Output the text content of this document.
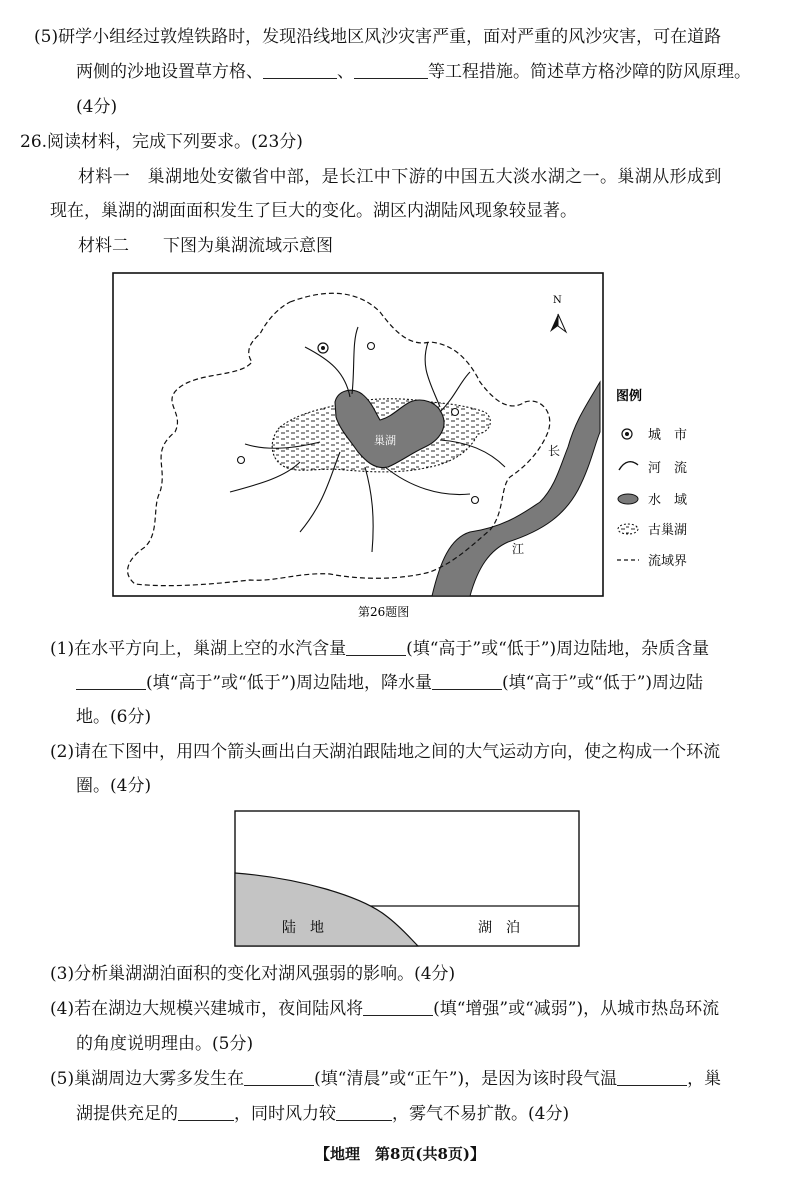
(5)研学小组经过敦煌铁路时，发现沿线地区风沙灾害严重，面对严重的风沙灾害，可在道路
两侧的沙地设置草方格、	、	等工程措施。简述草方格沙障的防风原理。
(4分)
26.阅读材料，完成下列要求。(23分)
材料一　巢湖地处安徽省中部，是长江中下游的中国五大淡水湖之一。巢湖从形成到
现在，巢湖的湖面面积发生了巨大的变化。湖区内湖陆风现象较显著。
材料二　　下图为巢湖流域示意图
长
江
巢湖
N
图例
城　市
河　流
水　域
古巢湖
流域界
第26题图
(1)在水平方向上，巢湖上空的水汽含量	(填“高于”或“低于”)周边陆地，杂质含量
(填“高于”或“低于”)周边陆地，降水量	(填“高于”或“低于”)周边陆
地。(6分)
(2)请在下图中，用四个箭头画出白天湖泊跟陆地之间的大气运动方向，使之构成一个环流
圈。(4分)
陆　地	湖　泊
(3)分析巢湖湖泊面积的变化对湖风强弱的影响。(4分)
(4)若在湖边大规模兴建城市，夜间陆风将	(填“增强”或“减弱”)，从城市热岛环流
的角度说明理由。(5分)
(5)巢湖周边大雾多发生在	(填“清晨”或“正午”)，是因为该时段气温	，巢
湖提供充足的	，同时风力较	，雾气不易扩散。(4分)
【地理　第8页(共8页)】
